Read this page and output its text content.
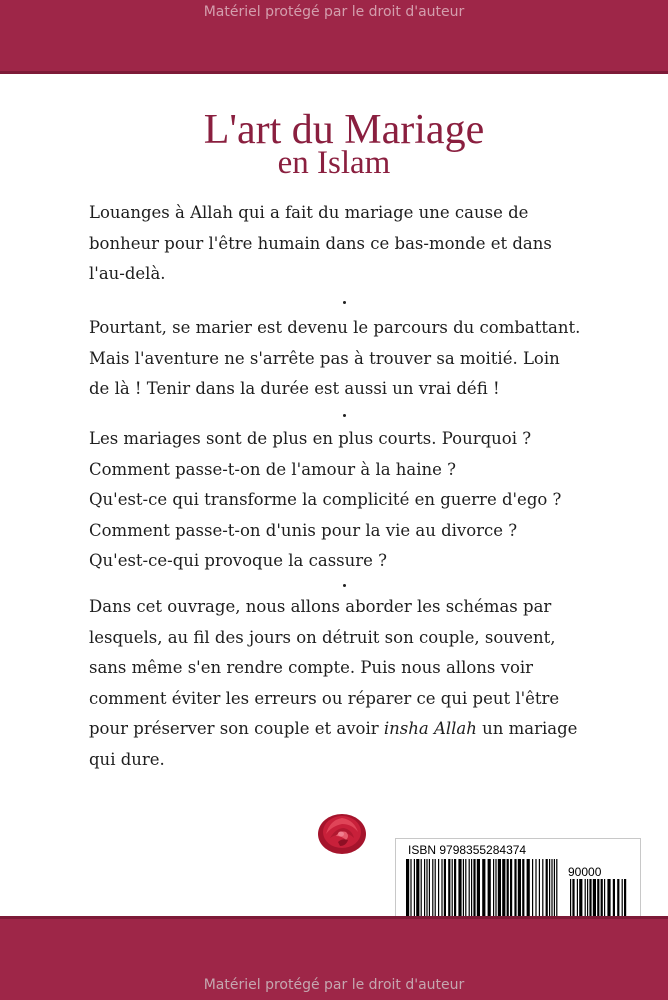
Matériel protégé par le droit d'auteur
L'art du Mariage
en Islam
Louanges à Allah qui a fait du mariage une cause de
bonheur pour l'être humain dans ce bas-monde et dans
l'au-delà.
Pourtant, se marier est devenu le parcours du combattant.
Mais l'aventure ne s'arrête pas à trouver sa moitié. Loin
de là ! Tenir dans la durée est aussi un vrai défi !
Les mariages sont de plus en plus courts. Pourquoi ?
Comment passe-t-on de l'amour à la haine ?
Qu'est-ce qui transforme la complicité en guerre d'ego ?
Comment passe-t-on d'unis pour la vie au divorce ?
Qu'est-ce-qui provoque la cassure ?
Dans cet ouvrage, nous allons aborder les schémas par
lesquels, au fil des jours on détruit son couple, souvent,
sans même s'en rendre compte. Puis nous allons voir
comment éviter les erreurs ou réparer ce qui peut l'être
pour préserver son couple et avoir insha Allah un mariage
qui dure.
ISBN 9798355284374
90000
Matériel protégé par le droit d'auteur
